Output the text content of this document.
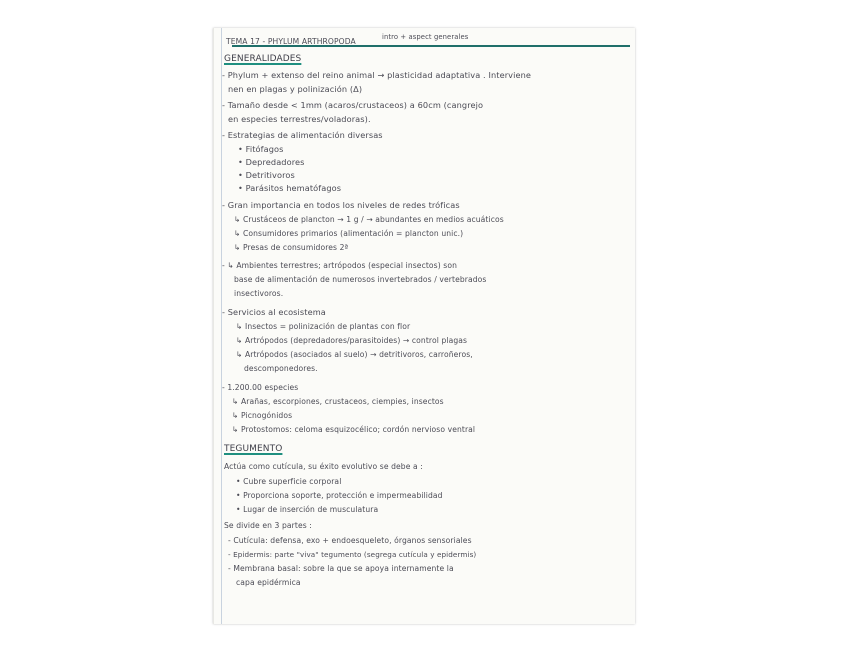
TEMA 17 - PHYLUM ARTHROPODA	intro + aspect generales
GENERALIDADES
- Phylum + extenso del reino animal → plasticidad adaptativa . Interviene
nen en plagas y polinización (Δ)
- Tamaño desde < 1mm (acaros/crustaceos) a 60cm (cangrejo
en especies terrestres/voladoras).
- Estrategias de alimentación diversas
• Fitófagos
• Depredadores
• Detritivoros
• Parásitos hematófagos
- Gran importancia en todos los niveles de redes tróficas
↳ Crustáceos de plancton → 1 g / → abundantes en medios acuáticos
↳ Consumidores primarios (alimentación = plancton unic.)
↳ Presas de consumidores 2ª
- ↳ Ambientes terrestres; artrópodos (especial insectos) son
base de alimentación de numerosos invertebrados / vertebrados
insectivoros.
- Servicios al ecosistema
↳ Insectos = polinización de plantas con flor
↳ Artrópodos (depredadores/parasitoides) → control plagas
↳ Artrópodos (asociados al suelo) → detritivoros, carroñeros,
descomponedores.
- 1.200.00 especies
↳ Arañas, escorpiones, crustaceos, ciempies, insectos
↳ Picnogónidos
↳ Protostomos: celoma esquizocélico; cordón nervioso ventral
TEGUMENTO
Actúa como cutícula, su éxito evolutivo se debe a :
• Cubre superficie corporal
• Proporciona soporte, protección e impermeabilidad
• Lugar de inserción de musculatura
Se divide en 3 partes :
- Cutícula: defensa, exo + endoesqueleto, órganos sensoriales
- Epidermis: parte "viva" tegumento (segrega cutícula y epidermis)
- Membrana basal: sobre la que se apoya internamente la
capa epidérmica
